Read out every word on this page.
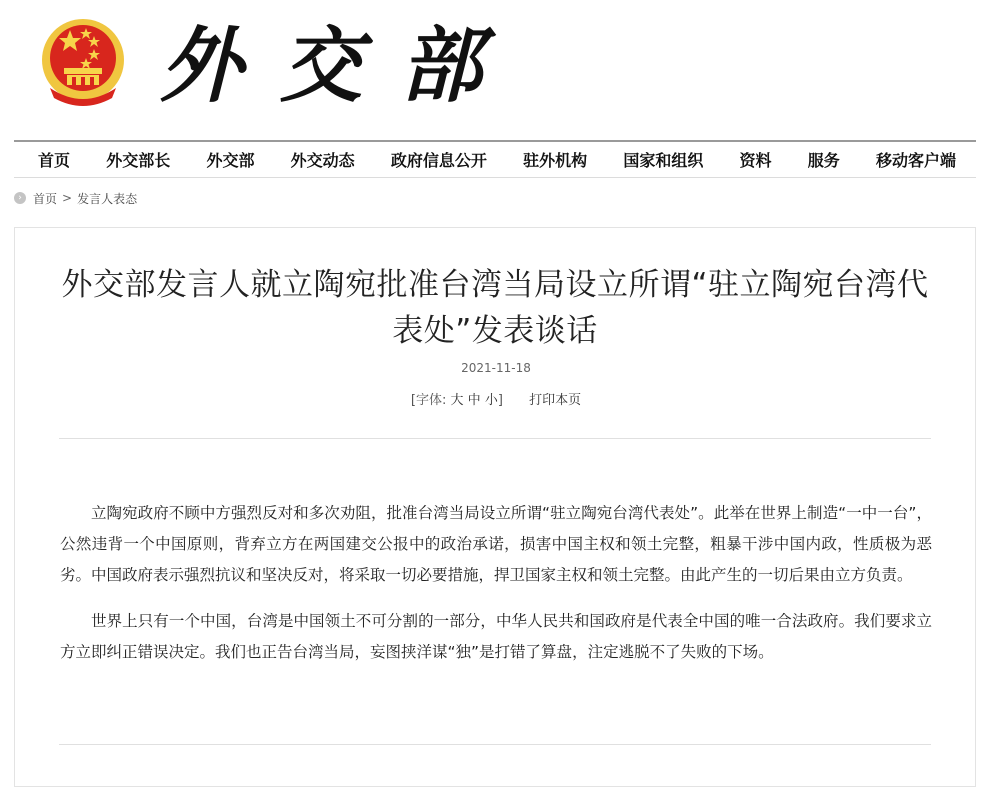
外交部
首页 外交部长 外交部 外交动态 政府信息公开 驻外机构 国家和组织 资料 服务 移动客户端
› 首页 > 发言人表态
外交部发言人就立陶宛批准台湾当局设立所谓“驻立陶宛台湾代表处”发表谈话
2021-11-18
[字体: 大 中 小] 打印本页

立陶宛政府不顾中方强烈反对和多次劝阻，批准台湾当局设立所谓“驻立陶宛台湾代表处”。此举在世界上制造“一中一台”，公然违背一个中国原则，背弃立方在两国建交公报中的政治承诺，损害中国主权和领土完整，粗暴干涉中国内政，性质极为恶劣。中国政府表示强烈抗议和坚决反对，将采取一切必要措施，捍卫国家主权和领土完整。由此产生的一切后果由立方负责。

世界上只有一个中国，台湾是中国领土不可分割的一部分，中华人民共和国政府是代表全中国的唯一合法政府。我们要求立方立即纠正错误决定。我们也正告台湾当局，妄图挟洋谋“独”是打错了算盘，注定逃脱不了失败的下场。
